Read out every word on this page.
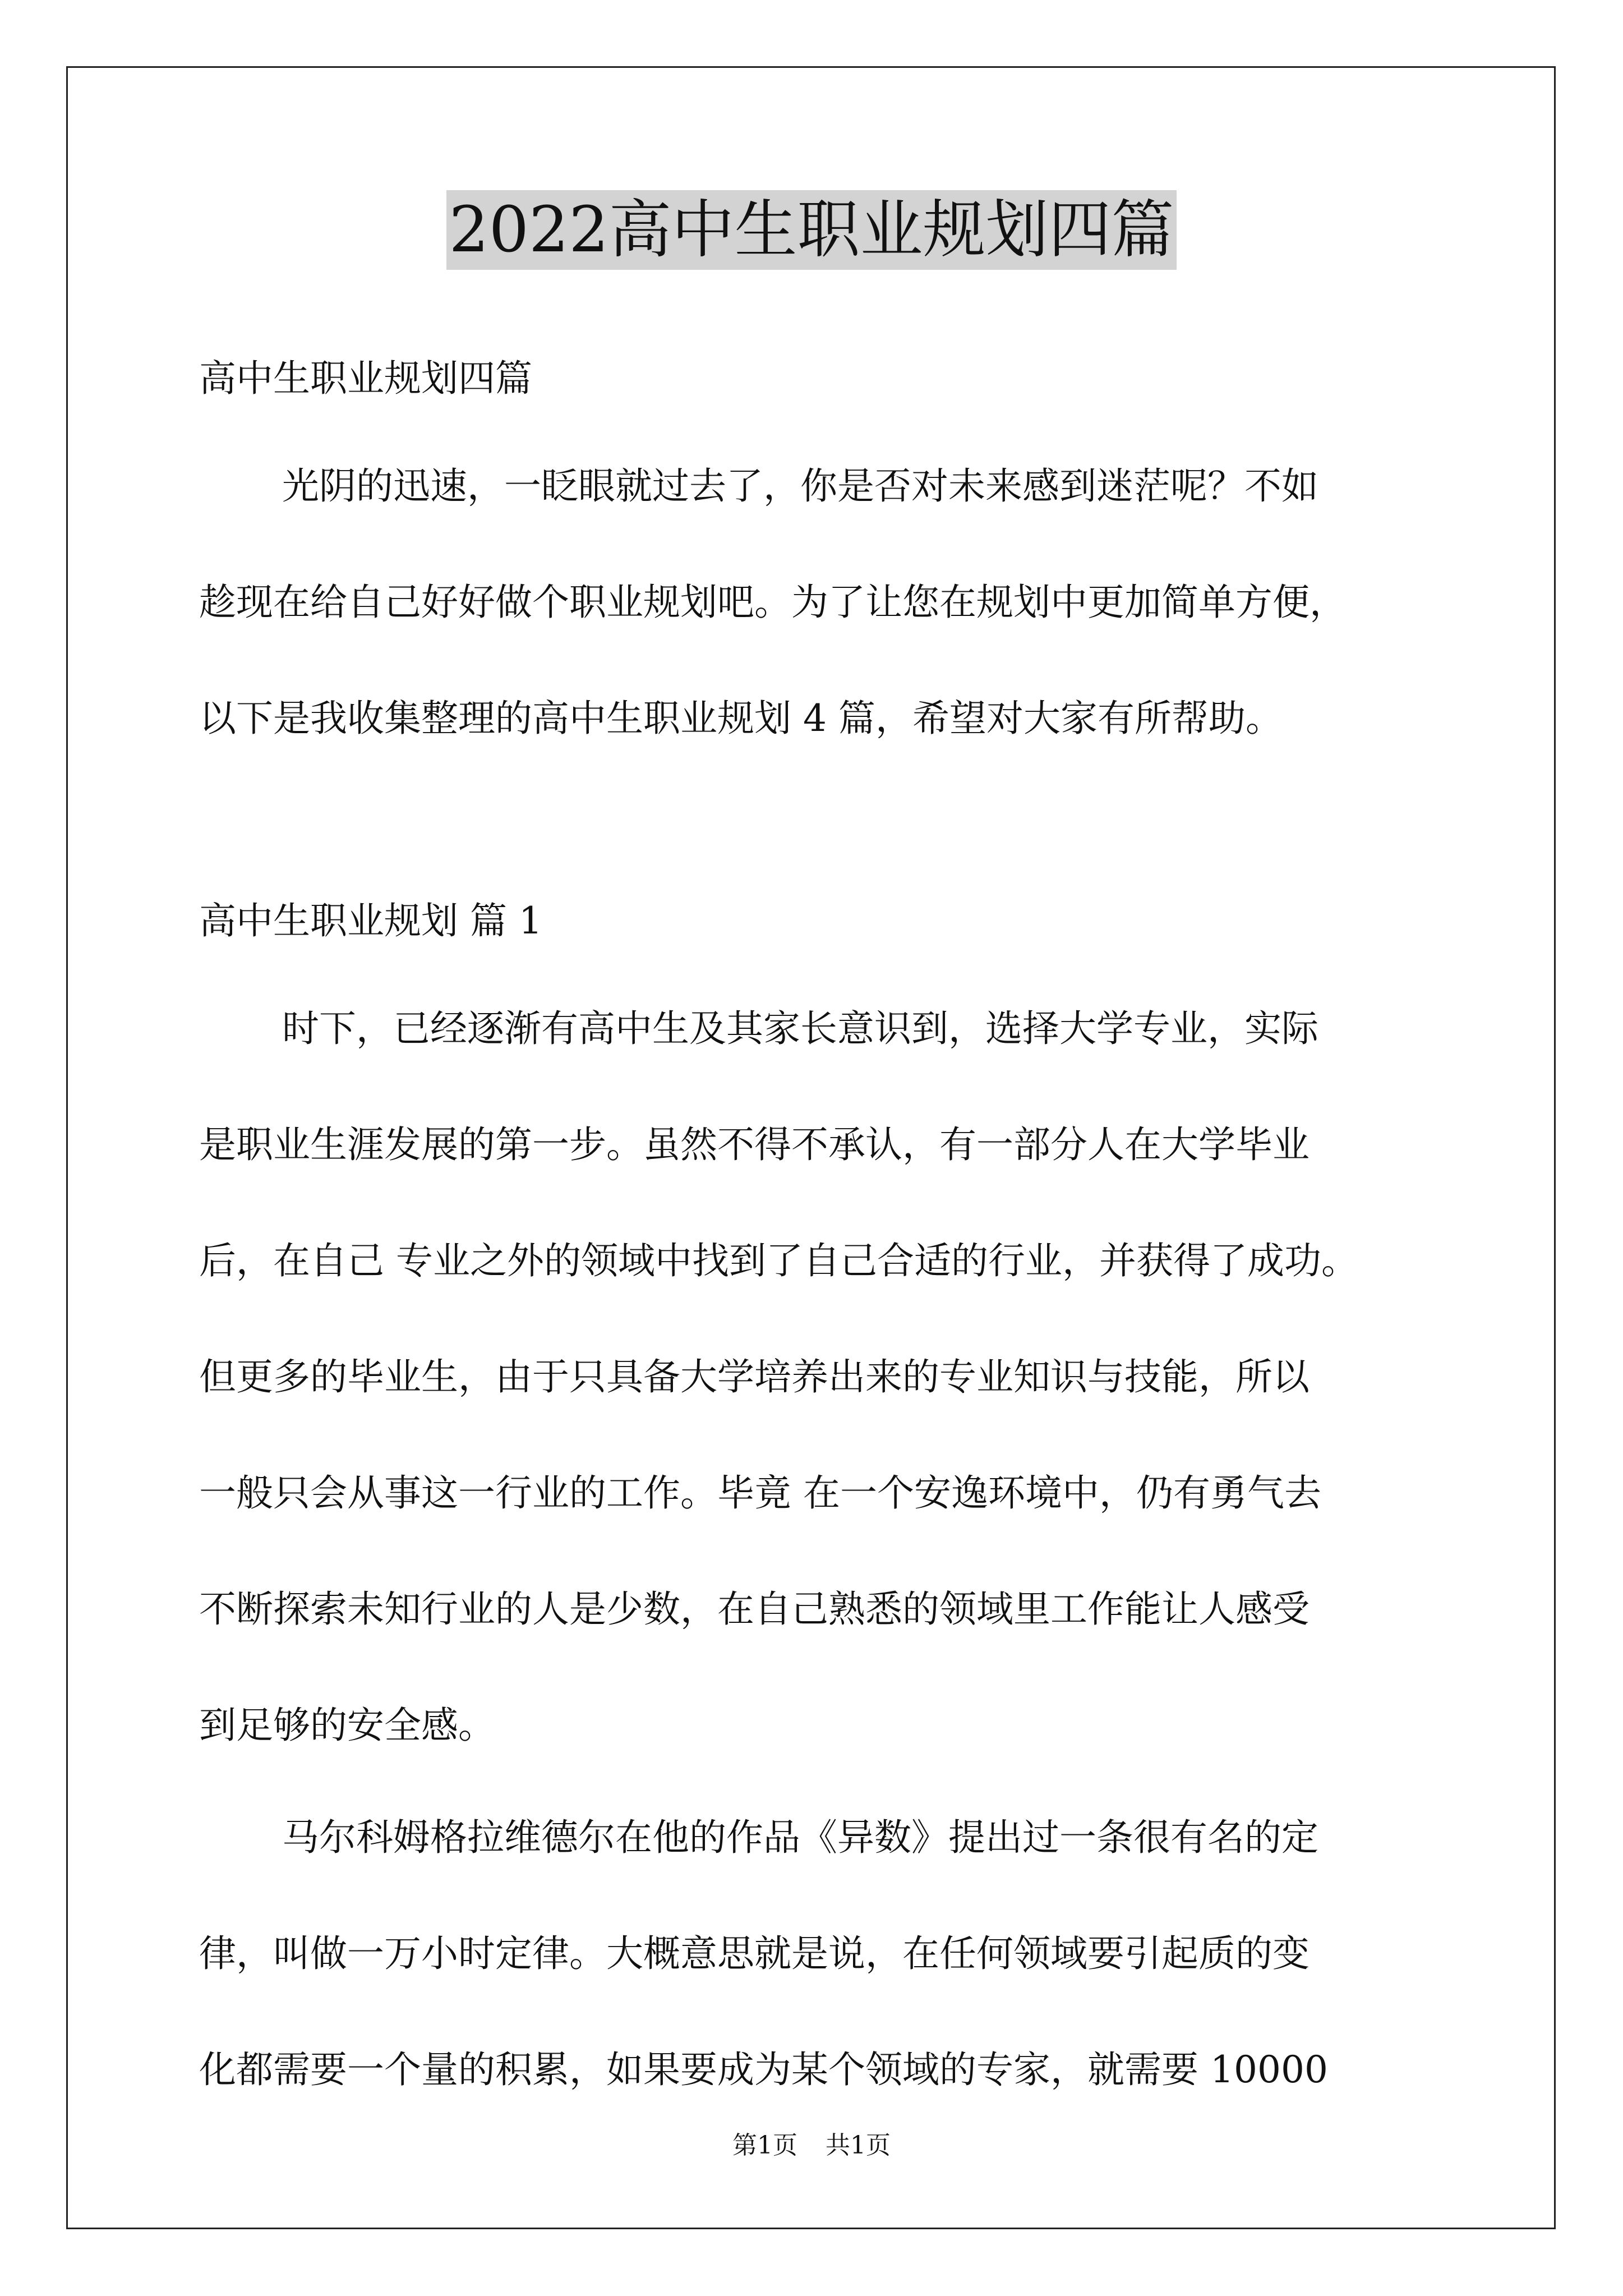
2022高中生职业规划四篇
高中生职业规划四篇
光阴的迅速，一眨眼就过去了，你是否对未来感到迷茫呢？不如
趁现在给自己好好做个职业规划吧。为了让您在规划中更加简单方便，
以下是我收集整理的高中生职业规划 4 篇，希望对大家有所帮助。
高中生职业规划 篇 1
时下，已经逐渐有高中生及其家长意识到，选择大学专业，实际
是职业生涯发展的第一步。虽然不得不承认，有一部分人在大学毕业
后，在自己 专业之外的领域中找到了自己合适的行业，并获得了成功。
但更多的毕业生，由于只具备大学培养出来的专业知识与技能，所以
一般只会从事这一行业的工作。毕竟 在一个安逸环境中，仍有勇气去
不断探索未知行业的人是少数，在自己熟悉的领域里工作能让人感受
到足够的安全感。
马尔科姆格拉维德尔在他的作品《异数》提出过一条很有名的定
律，叫做一万小时定律。大概意思就是说，在任何领域要引起质的变
化都需要一个量的积累，如果要成为某个领域的专家，就需要 10000
第1页 共1页
